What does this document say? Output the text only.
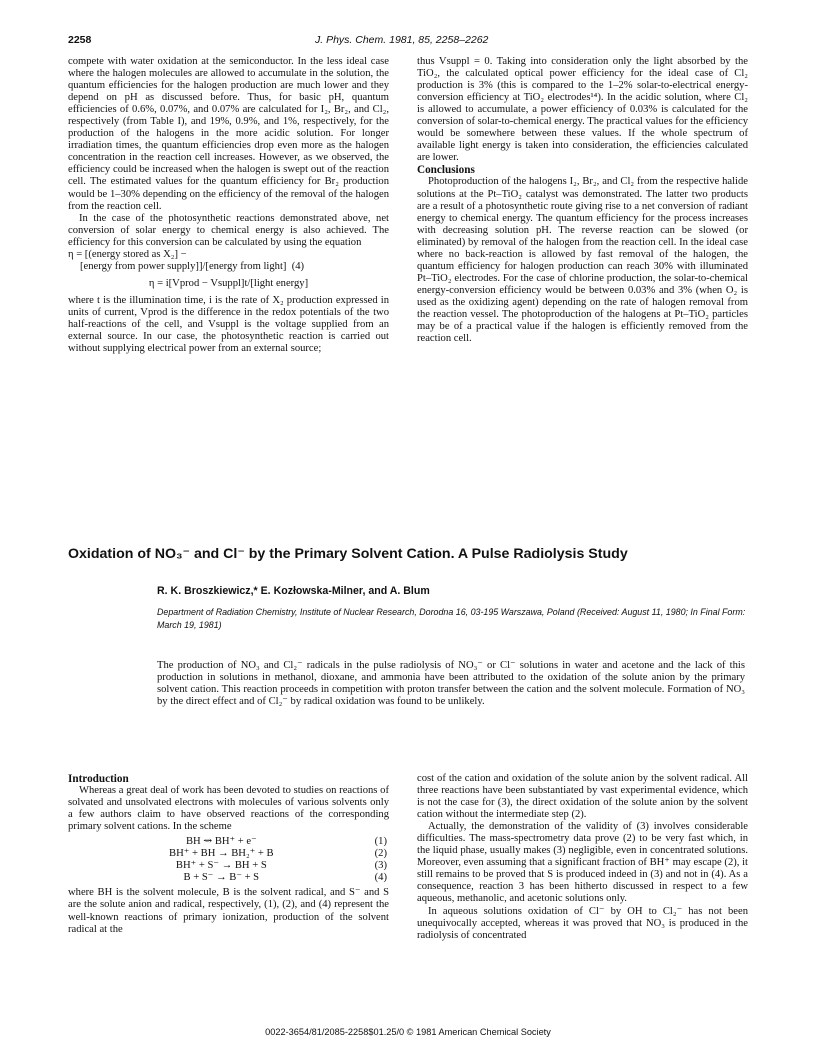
2258	J. Phys. Chem. 1981, 85, 2258–2262

compete with water oxidation at the semiconductor. In the less ideal case where the halogen molecules are allowed to accumulate in the solution, the quantum efficiencies for the halogen production are much lower and they depend on pH as discussed before. Thus, for basic pH, quantum efficiencies of 0.6%, 0.07%, and 0.07% are calculated for I₂, Br₂, and Cl₂, respectively (from Table I), and 19%, 0.9%, and 1%, respectively, for the production of the halogens in the more acidic solution. For longer irradiation times, the quantum efficiencies drop even more as the halogen concentration in the reaction cell increases. However, as we observed, the efficiency could be increased when the halogen is swept out of the reaction cell. The estimated values for the quantum efficiency for Br₂ production would be 1–30% depending on the efficiency of the removal of the halogen from the reaction cell.

In the case of the photosynthetic reactions demonstrated above, net conversion of solar energy to chemical energy is also achieved. The efficiency for this conversion can be calculated by using the equation

η = [(energy stored as X₂] −

[energy from power supply]]/[energy from light] (4)

η = i[Vprod − Vsuppl]t/[light energy]

where t is the illumination time, i is the rate of X₂ production expressed in units of current, Vprod is the difference in the redox potentials of the two half-reactions of the cell, and Vsuppl is the voltage supplied from an external source. In our case, the photosynthetic reaction is carried out without supplying electrical power from an external source;

thus Vsuppl = 0. Taking into consideration only the light absorbed by the TiO₂, the calculated optical power efficiency for the ideal case of Cl₂ production is 3% (this is compared to the 1–2% solar-to-electrical energy-conversion efficiency at TiO₂ electrodes¹⁴). In the acidic solution, where Cl₂ is allowed to accumulate, a power efficiency of 0.03% is calculated for the conversion of solar-to-chemical energy. The practical values for the efficiency would be somewhere between these values. If the whole spectrum of available light energy is taken into consideration, the efficiencies calculated are lower.

Conclusions

Photoproduction of the halogens I₂, Br₂, and Cl₂ from the respective halide solutions at the Pt–TiO₂ catalyst was demonstrated. The latter two products are a result of a photosynthetic route giving rise to a net conversion of radiant energy to chemical energy. The quantum efficiency for the process increases with decreasing solution pH. The reverse reaction can be slowed (or eliminated) by removal of the halogen from the reaction cell. In the ideal case where no back-reaction is allowed by fast removal of the halogen, the quantum efficiency for halogen production can reach 30% with illuminated Pt–TiO₂ electrodes. For the case of chlorine production, the solar-to-chemical energy-conversion efficiency would be between 0.03% and 3% (when O₂ is used as the oxidizing agent) depending on the rate of halogen removal from the reaction vessel. The photoproduction of the halogens at Pt–TiO₂ particles may be of a practical value if the halogen is efficiently removed from the reaction cell.

Oxidation of NO₃⁻ and Cl⁻ by the Primary Solvent Cation. A Pulse Radiolysis Study
R. K. Broszkiewicz,* E. Kozłowska-Milner, and A. Blum
Department of Radiation Chemistry, Institute of Nuclear Research, Dorodna 16, 03-195 Warszawa, Poland (Received: August 11, 1980; In Final Form: March 19, 1981)
The production of NO₃ and Cl₂⁻ radicals in the pulse radiolysis of NO₃⁻ or Cl⁻ solutions in water and acetone and the lack of this production in solutions in methanol, dioxane, and ammonia have been attributed to the oxidation of the solute anion by the primary solvent cation. This reaction proceeds in competition with proton transfer between the cation and the solvent molecule. Formation of NO₃ by the direct effect and of Cl₂⁻ by radical oxidation was found to be unlikely.

Introduction

Whereas a great deal of work has been devoted to studies on reactions of solvated and unsolvated electrons with molecules of various solvents only a few authors claim to have observed reactions of the corresponding primary solvent cations. In the scheme

BH ⇝ BH⁺ + e⁻	(1)
BH⁺ + BH → BH₂⁺ + B	(2)
BH⁺ + S⁻ → BH + S	(3)
B + S⁻ → B⁻ + S	(4)

where BH is the solvent molecule, B is the solvent radical, and S⁻ and S are the solute anion and radical, respectively, (1), (2), and (4) represent the well-known reactions of primary ionization, production of the solvent radical at the

cost of the cation and oxidation of the solute anion by the solvent radical. All three reactions have been substantiated by vast experimental evidence, which is not the case for (3), the direct oxidation of the solute anion by the solvent cation without the intermediate step (2).

Actually, the demonstration of the validity of (3) involves considerable difficulties. The mass-spectrometry data prove (2) to be very fast which, in the liquid phase, usually makes (3) negligible, even in concentrated solutions. Moreover, even assuming that a significant fraction of BH⁺ may escape (2), it still remains to be proved that S is produced indeed in (3) and not in (4). As a consequence, reaction 3 has been hitherto discussed in respect to a few aqueous, methanolic, and acetonic solutions only.

In aqueous solutions oxidation of Cl⁻ by OH to Cl₂⁻ has not been unequivocally accepted, whereas it was proved that NO₃ is produced in the radiolysis of concentrated

0022-3654/81/2085-2258$01.25/0 © 1981 American Chemical Society
